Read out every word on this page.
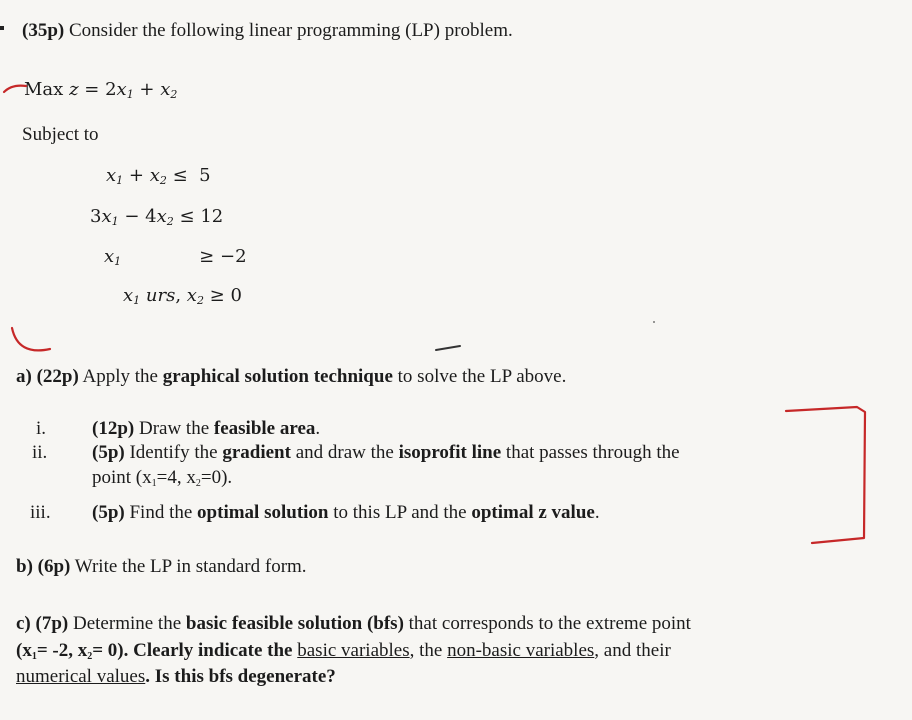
(35p) Consider the following linear programming (LP) problem.
Max $z = 2x_1 + x_2$
Subject to
$x_1 + x_2 \le 5$
$3x_1 - 4x_2 \le 12$
$x_1$	≥ −2
$x_1$ urs, $x_2 \ge 0$
a) (22p) Apply the graphical solution technique to solve the LP above.
i. (12p) Draw the feasible area.
ii. (5p) Identify the gradient and draw the isoprofit line that passes through the
point ($x_1=4$, $x_2=0$).
iii. (5p) Find the optimal solution to this LP and the optimal z value.
b) (6p) Write the LP in standard form.
c) (7p) Determine the basic feasible solution (bfs) that corresponds to the extreme point
($x_1= -2$, $x_2= 0$). Clearly indicate the basic variables, the non-basic variables, and their
numerical values. Is this bfs degenerate?
